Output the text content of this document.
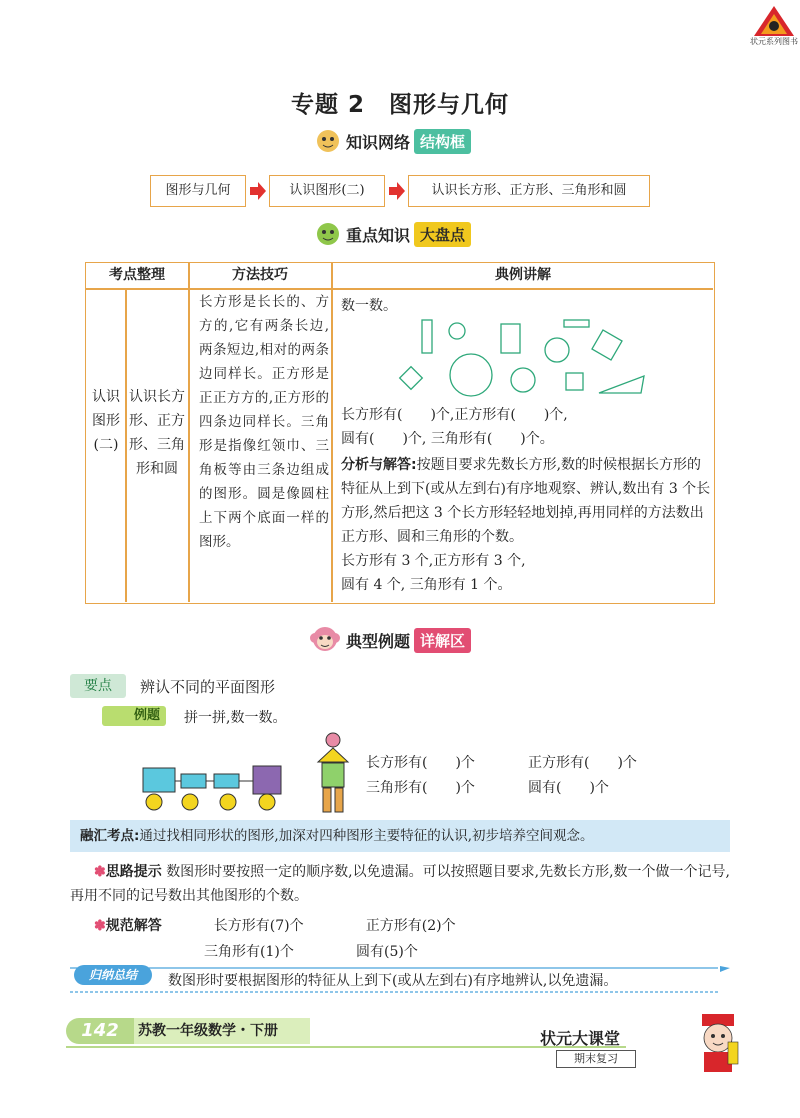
状元系列图书
专题 2　图形与几何
知识网络 结构框
图形与几何	认识图形(二)	认识长方形、正方形、三角形和圆
重点知识 大盘点
考点整理	方法技巧	典例讲解
认识图形(二)
认识长方形、正方形、三角形和圆
长方形是长长的、方方的,它有两条长边,两条短边,相对的两条边同样长。正方形是正正方方的,正方形的四条边同样长。三角形是指像红领巾、三角板等由三条边组成的图形。圆是像圆柱上下两个底面一样的图形。
数一数。
长方形有(　　)个,正方形有(　　)个,
圆有(　　)个, 三角形有(　　)个。
分析与解答:按题目要求先数长方形,数的时候根据长方形的特征从上到下(或从左到右)有序地观察、辨认,数出有 3 个长方形,然后把这 3 个长方形轻轻地划掉,再用同样的方法数出正方形、圆和三角形的个数。
长方形有 3 个,正方形有 3 个,
圆有 4 个, 三角形有 1 个。
典型例题 详解区
要点	辨认不同的平面图形
例题	拼一拼,数一数。
长方形有(　　)个	正方形有(　　)个
三角形有(　　)个	圆有(　　)个
融汇考点:通过找相同形状的图形,加深对四种图形主要特征的认识,初步培养空间观念。
✽思路提示 数图形时要按照一定的顺序数,以免遗漏。可以按照题目要求,先数长方形,数一个做一个记号,再用不同的记号数出其他图形的个数。
✽ 规范解答	长方形有(7)个	正方形有(2)个
三角形有(1)个	圆有(5)个
归纳总结	数图形时要根据图形的特征从上到下(或从左到右)有序地辨认,以免遗漏。
142	苏教一年级数学・下册	状元大课堂
期末复习
